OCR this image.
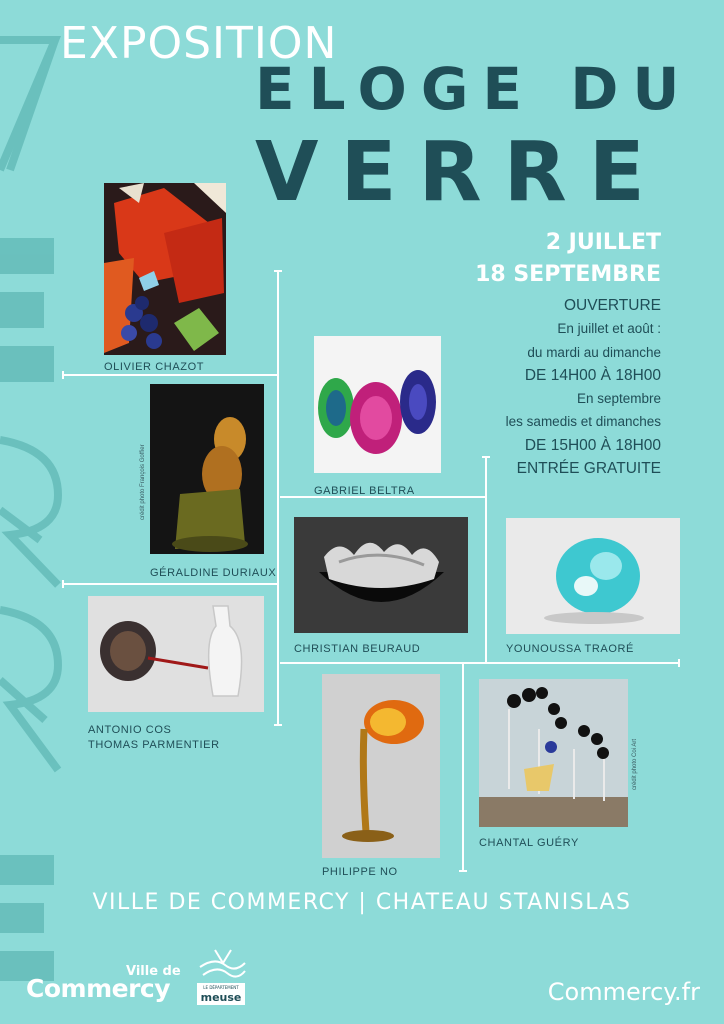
EXPOSITION
ELOGE DU
VERRE
2 JUILLET
18 SEPTEMBRE
OUVERTURE
En juillet et août :
du mardi au dimanche
DE 14H00 À 18H00
En septembre
les samedis et dimanches
DE 15H00 À 18H00
ENTRÉE GRATUITE
OLIVIER CHAZOT
GABRIEL BELTRA
crédit photo François Goffier
GÉRALDINE DURIAUX
CHRISTIAN BEURAUD	YOUNOUSSA TRAORÉ
ANTONIO COS
THOMAS PARMENTIER
PHILIPPE NO
crédit photo Coi Art
CHANTAL GUÉRY
VILLE DE COMMERCY | CHATEAU STANISLAS
Ville de
Commercy	LE DÉPARTEMENT
meuse	Commercy.fr
